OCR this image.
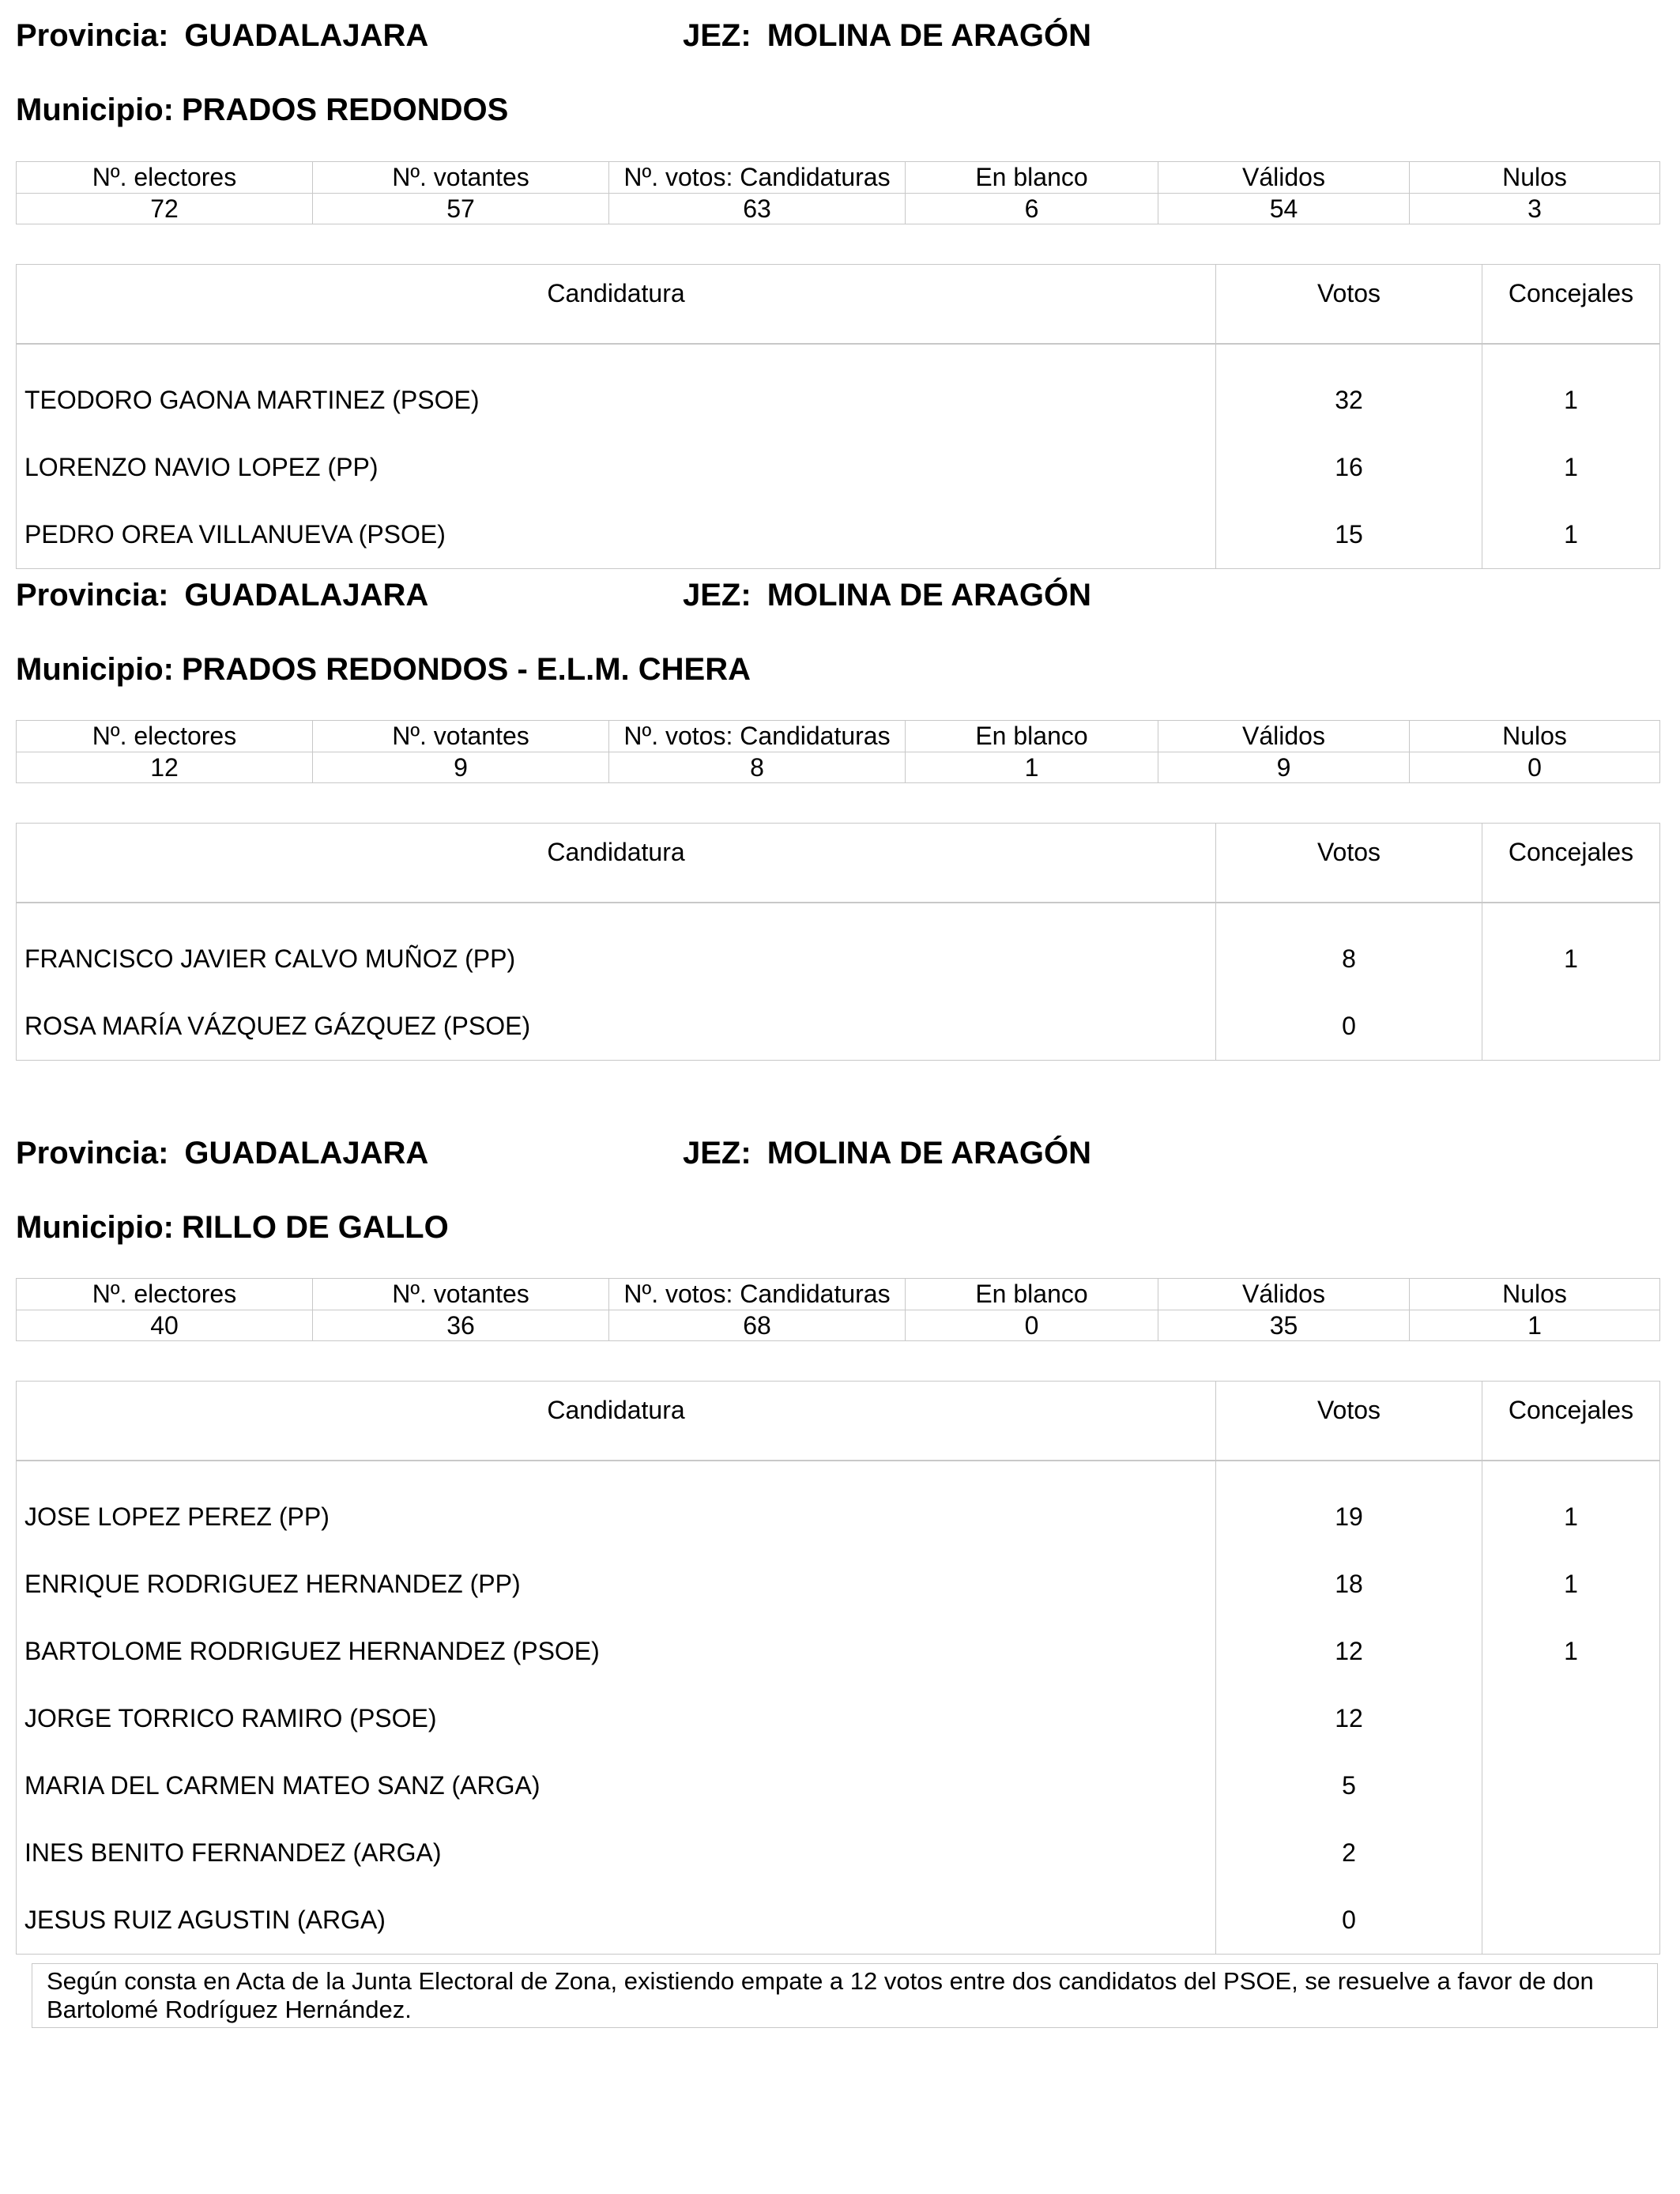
Provincia: GUADALAJARA	JEZ: MOLINA DE ARAGÓN
Municipio: PRADOS REDONDOS
Nº. electores	Nº. votantes	Nº. votos: Candidaturas	En blanco	Válidos	Nulos
72	57	63	6	54	3
Candidatura	Votos	Concejales
TEODORO GAONA MARTINEZ (PSOE)	32	1
LORENZO NAVIO LOPEZ (PP)	16	1
PEDRO OREA VILLANUEVA (PSOE)	15	1
Provincia: GUADALAJARA	JEZ: MOLINA DE ARAGÓN
Municipio: PRADOS REDONDOS - E.L.M. CHERA
Nº. electores	Nº. votantes	Nº. votos: Candidaturas	En blanco	Válidos	Nulos
12	9	8	1	9	0
Candidatura	Votos	Concejales
FRANCISCO JAVIER CALVO MUÑOZ (PP)	8	1
ROSA MARÍA VÁZQUEZ GÁZQUEZ (PSOE)	0	
Provincia: GUADALAJARA	JEZ: MOLINA DE ARAGÓN
Municipio: RILLO DE GALLO
Nº. electores	Nº. votantes	Nº. votos: Candidaturas	En blanco	Válidos	Nulos
40	36	68	0	35	1
Candidatura	Votos	Concejales
JOSE LOPEZ PEREZ (PP)	19	1
ENRIQUE RODRIGUEZ HERNANDEZ (PP)	18	1
BARTOLOME RODRIGUEZ HERNANDEZ (PSOE)	12	1
JORGE TORRICO RAMIRO (PSOE)	12	
MARIA DEL CARMEN MATEO SANZ (ARGA)	5	
INES BENITO FERNANDEZ (ARGA)	2	
JESUS RUIZ AGUSTIN (ARGA)	0	
Según consta en Acta de la Junta Electoral de Zona, existiendo empate a 12 votos entre dos candidatos del PSOE, se resuelve a favor de don Bartolomé Rodríguez Hernández.
